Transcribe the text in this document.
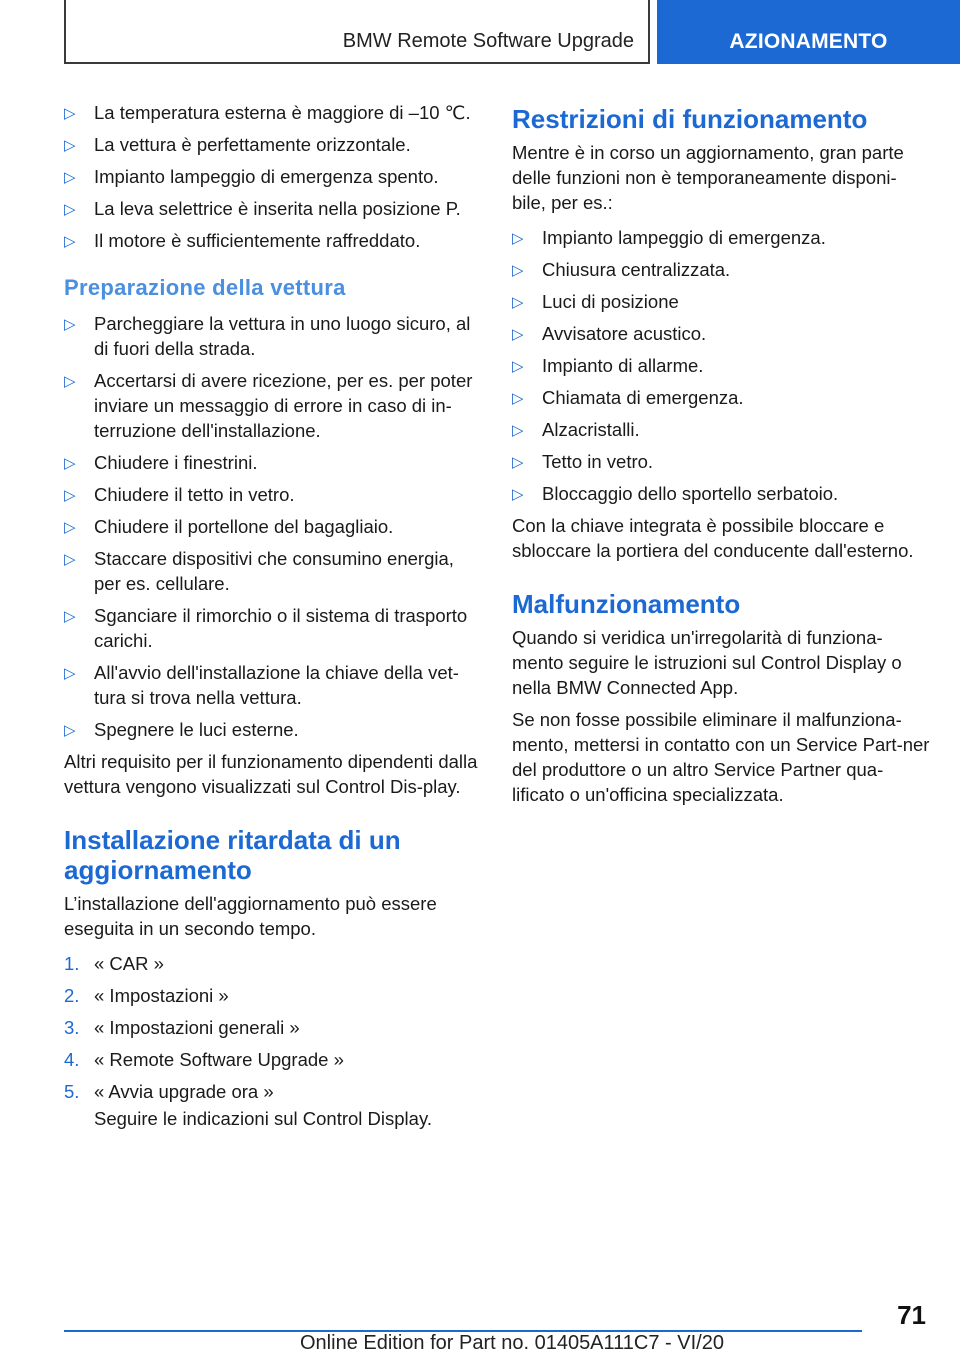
BMW Remote Software Upgrade	AZIONAMENTO
▷ La temperatura esterna è maggiore di ‒10 ℃.
▷ La vettura è perfettamente orizzontale.
▷ Impianto lampeggio di emergenza spento.
▷ La leva selettrice è inserita nella posizione P.
▷ Il motore è sufficientemente raffreddato.
Preparazione della vettura
▷ Parcheggiare la vettura in uno luogo sicuro, al di fuori della strada.
▷ Accertarsi di avere ricezione, per es. per poter inviare un messaggio di errore in caso di in-terruzione dell'installazione.
▷ Chiudere i finestrini.
▷ Chiudere il tetto in vetro.
▷ Chiudere il portellone del bagagliaio.
▷ Staccare dispositivi che consumino energia, per es. cellulare.
▷ Sganciare il rimorchio o il sistema di trasporto carichi.
▷ All'avvio dell'installazione la chiave della vet-tura si trova nella vettura.
▷ Spegnere le luci esterne.

Altri requisito per il funzionamento dipendenti dalla vettura vengono visualizzati sul Control Dis-play.

Installazione ritardata di un aggiornamento

L’installazione dell'aggiornamento può essere eseguita in un secondo tempo.

1. « CAR »
2. « Impostazioni »
3. « Impostazioni generali »
4. « Remote Software Upgrade »
5. « Avvia upgrade ora »

Seguire le indicazioni sul Control Display.

Restrizioni di funzionamento

Mentre è in corso un aggiornamento, gran parte delle funzioni non è temporaneamente disponi-bile, per es.:

▷ Impianto lampeggio di emergenza.
▷ Chiusura centralizzata.
▷ Luci di posizione
▷ Avvisatore acustico.
▷ Impianto di allarme.
▷ Chiamata di emergenza.
▷ Alzacristalli.
▷ Tetto in vetro.
▷ Bloccaggio dello sportello serbatoio.

Con la chiave integrata è possibile bloccare e sbloccare la portiera del conducente dall'esterno.

Malfunzionamento

Quando si veridica un'irregolarità di funziona-mento seguire le istruzioni sul Control Display o nella BMW Connected App.

Se non fosse possibile eliminare il malfunziona-mento, mettersi in contatto con un Service Part-ner del produttore o un altro Service Partner qua-lificato o un'officina specializzata.

71
Online Edition for Part no. 01405A111C7 - VI/20
